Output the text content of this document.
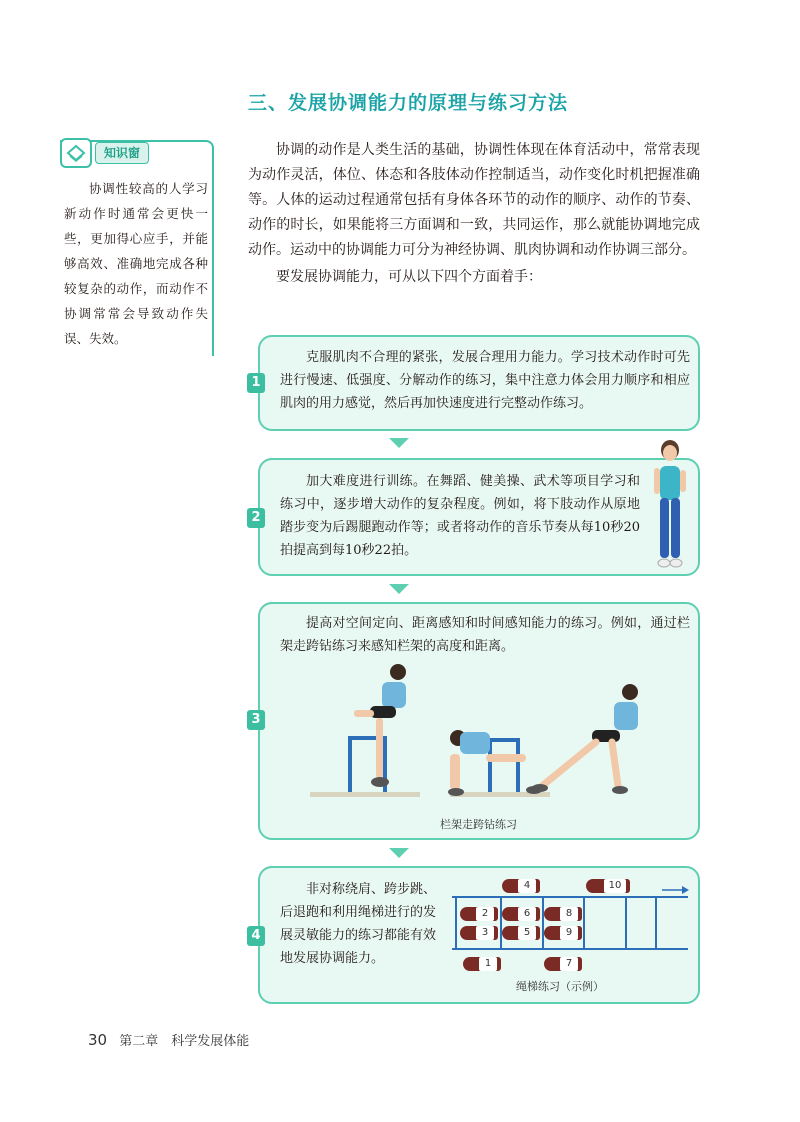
三、发展协调能力的原理与练习方法
知识窗
协调性较高的人学习新动作时通常会更快一些，更加得心应手，并能够高效、准确地完成各种较复杂的动作，而动作不协调常常会导致动作失误、失效。

协调的动作是人类生活的基础，协调性体现在体育活动中，常常表现为动作灵活，体位、体态和各肢体动作控制适当，动作变化时机把握准确等。人体的运动过程通常包括有身体各环节的动作的顺序、动作的节奏、动作的时长，如果能将三方面调和一致，共同运作，那么就能协调地完成动作。运动中的协调能力可分为神经协调、肌肉协调和动作协调三部分。

要发展协调能力，可从以下四个方面着手：

1
克服肌肉不合理的紧张，发展合理用力能力。学习技术动作时可先进行慢速、低强度、分解动作的练习，集中注意力体会用力顺序和相应肌肉的用力感觉，然后再加快速度进行完整动作练习。
2
加大难度进行训练。在舞蹈、健美操、武术等项目学习和练习中，逐步增大动作的复杂程度。例如，将下肢动作从原地踏步变为后踢腿跑动作等；或者将动作的音乐节奏从每10秒20拍提高到每10秒22拍。
3
提高对空间定向、距离感知和时间感知能力的练习。例如，通过栏架走跨钻练习来感知栏架的高度和距离。
栏架走跨钻练习
4
非对称绕肩、跨步跳、后退跑和利用绳梯进行的发展灵敏能力的练习都能有效地发展协调能力。	1
2
3
4
5
6
7
8
9
10
绳梯练习（示例）
30 第二章　科学发展体能
